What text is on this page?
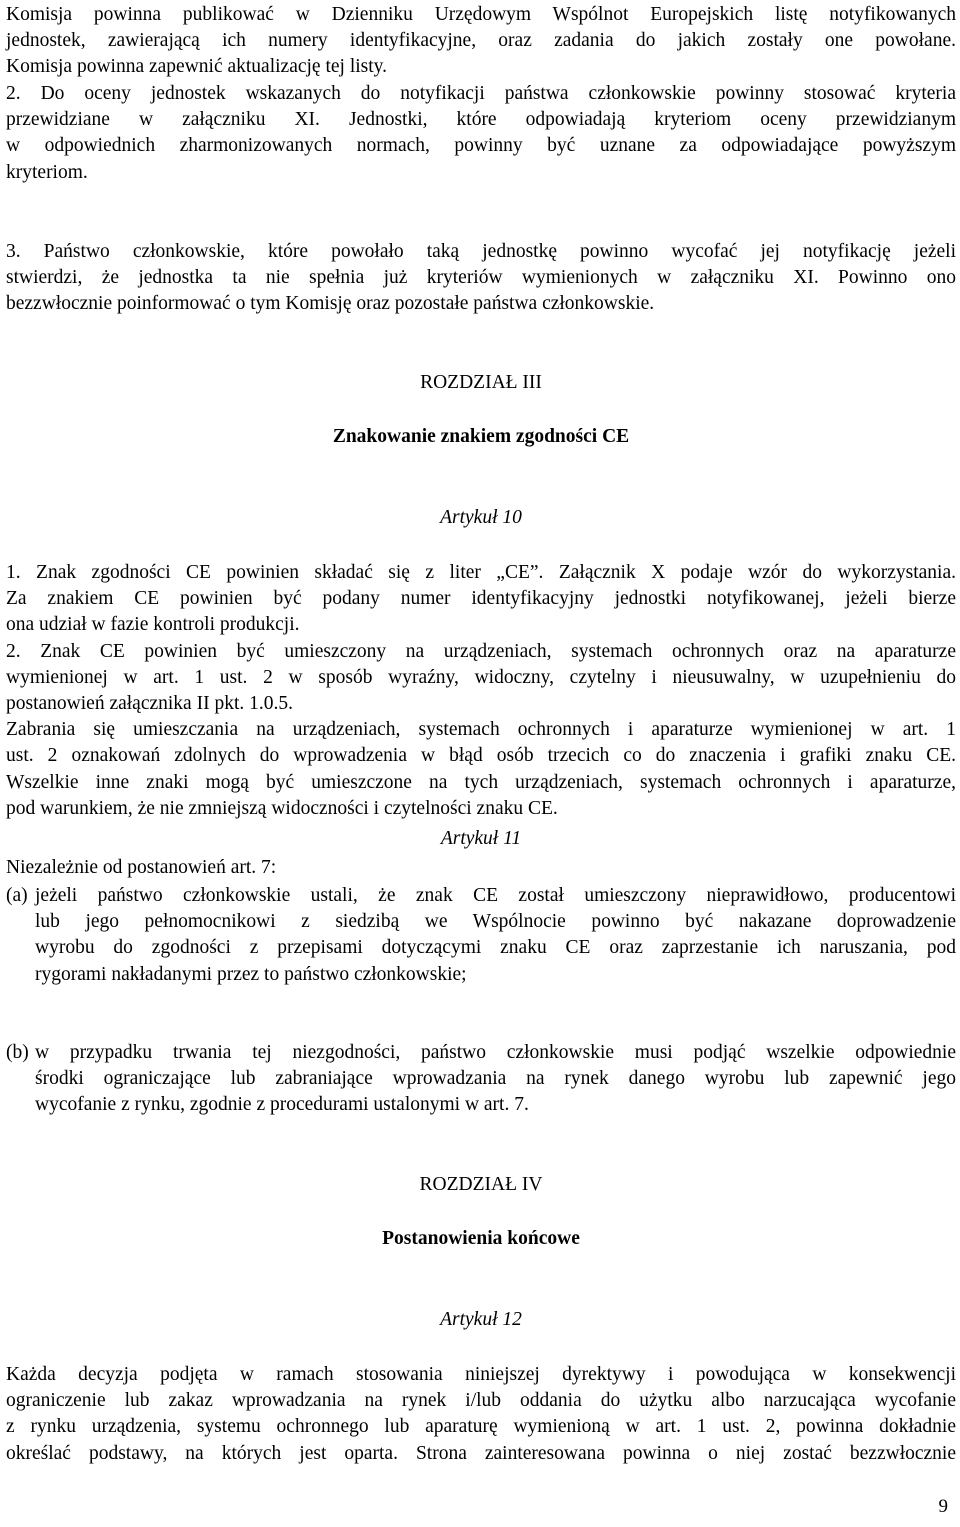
Komisja powinna publikować w Dzienniku Urzędowym Wspólnot Europejskich listę notyfikowanych
jednostek, zawierającą ich numery identyfikacyjne, oraz zadania do jakich zostały one powołane.
Komisja powinna zapewnić aktualizację tej listy.
2. Do oceny jednostek wskazanych do notyfikacji państwa członkowskie powinny stosować kryteria
przewidziane w załączniku XI. Jednostki, które odpowiadają kryteriom oceny przewidzianym
w odpowiednich zharmonizowanych normach, powinny być uznane za odpowiadające powyższym
kryteriom.
3. Państwo członkowskie, które powołało taką jednostkę powinno wycofać jej notyfikację jeżeli
stwierdzi, że jednostka ta nie spełnia już kryteriów wymienionych w załączniku XI. Powinno ono
bezzwłocznie poinformować o tym Komisję oraz pozostałe państwa członkowskie.
ROZDZIAŁ III
Znakowanie znakiem zgodności CE
Artykuł 10
1. Znak zgodności CE powinien składać się z liter „CE”. Załącznik X podaje wzór do wykorzystania.
Za znakiem CE powinien być podany numer identyfikacyjny jednostki notyfikowanej, jeżeli bierze
ona udział w fazie kontroli produkcji.
2. Znak CE powinien być umieszczony na urządzeniach, systemach ochronnych oraz na aparaturze
wymienionej w art. 1 ust. 2 w sposób wyraźny, widoczny, czytelny i nieusuwalny, w uzupełnieniu do
postanowień załącznika II pkt. 1.0.5.
Zabrania się umieszczania na urządzeniach, systemach ochronnych i aparaturze wymienionej w art. 1
ust. 2 oznakowań zdolnych do wprowadzenia w błąd osób trzecich co do znaczenia i grafiki znaku CE.
Wszelkie inne znaki mogą być umieszczone na tych urządzeniach, systemach ochronnych i aparaturze,
pod warunkiem, że nie zmniejszą widoczności i czytelności znaku CE.
Artykuł 11
Niezależnie od postanowień art. 7:
(a) jeżeli państwo członkowskie ustali, że znak CE został umieszczony nieprawidłowo, producentowi
lub jego pełnomocnikowi z siedzibą we Wspólnocie powinno być nakazane doprowadzenie
wyrobu do zgodności z przepisami dotyczącymi znaku CE oraz zaprzestanie ich naruszania, pod
rygorami nakładanymi przez to państwo członkowskie;
(b) w przypadku trwania tej niezgodności, państwo członkowskie musi podjąć wszelkie odpowiednie
środki ograniczające lub zabraniające wprowadzania na rynek danego wyrobu lub zapewnić jego
wycofanie z rynku, zgodnie z procedurami ustalonymi w art. 7.
ROZDZIAŁ IV
Postanowienia końcowe
Artykuł 12
Każda decyzja podjęta w ramach stosowania niniejszej dyrektywy i powodująca w konsekwencji
ograniczenie lub zakaz wprowadzania na rynek i/lub oddania do użytku albo narzucająca wycofanie
z rynku urządzenia, systemu ochronnego lub aparaturę wymienioną w art. 1 ust. 2, powinna dokładnie
określać podstawy, na których jest oparta. Strona zainteresowana powinna o niej zostać bezzwłocznie
9
